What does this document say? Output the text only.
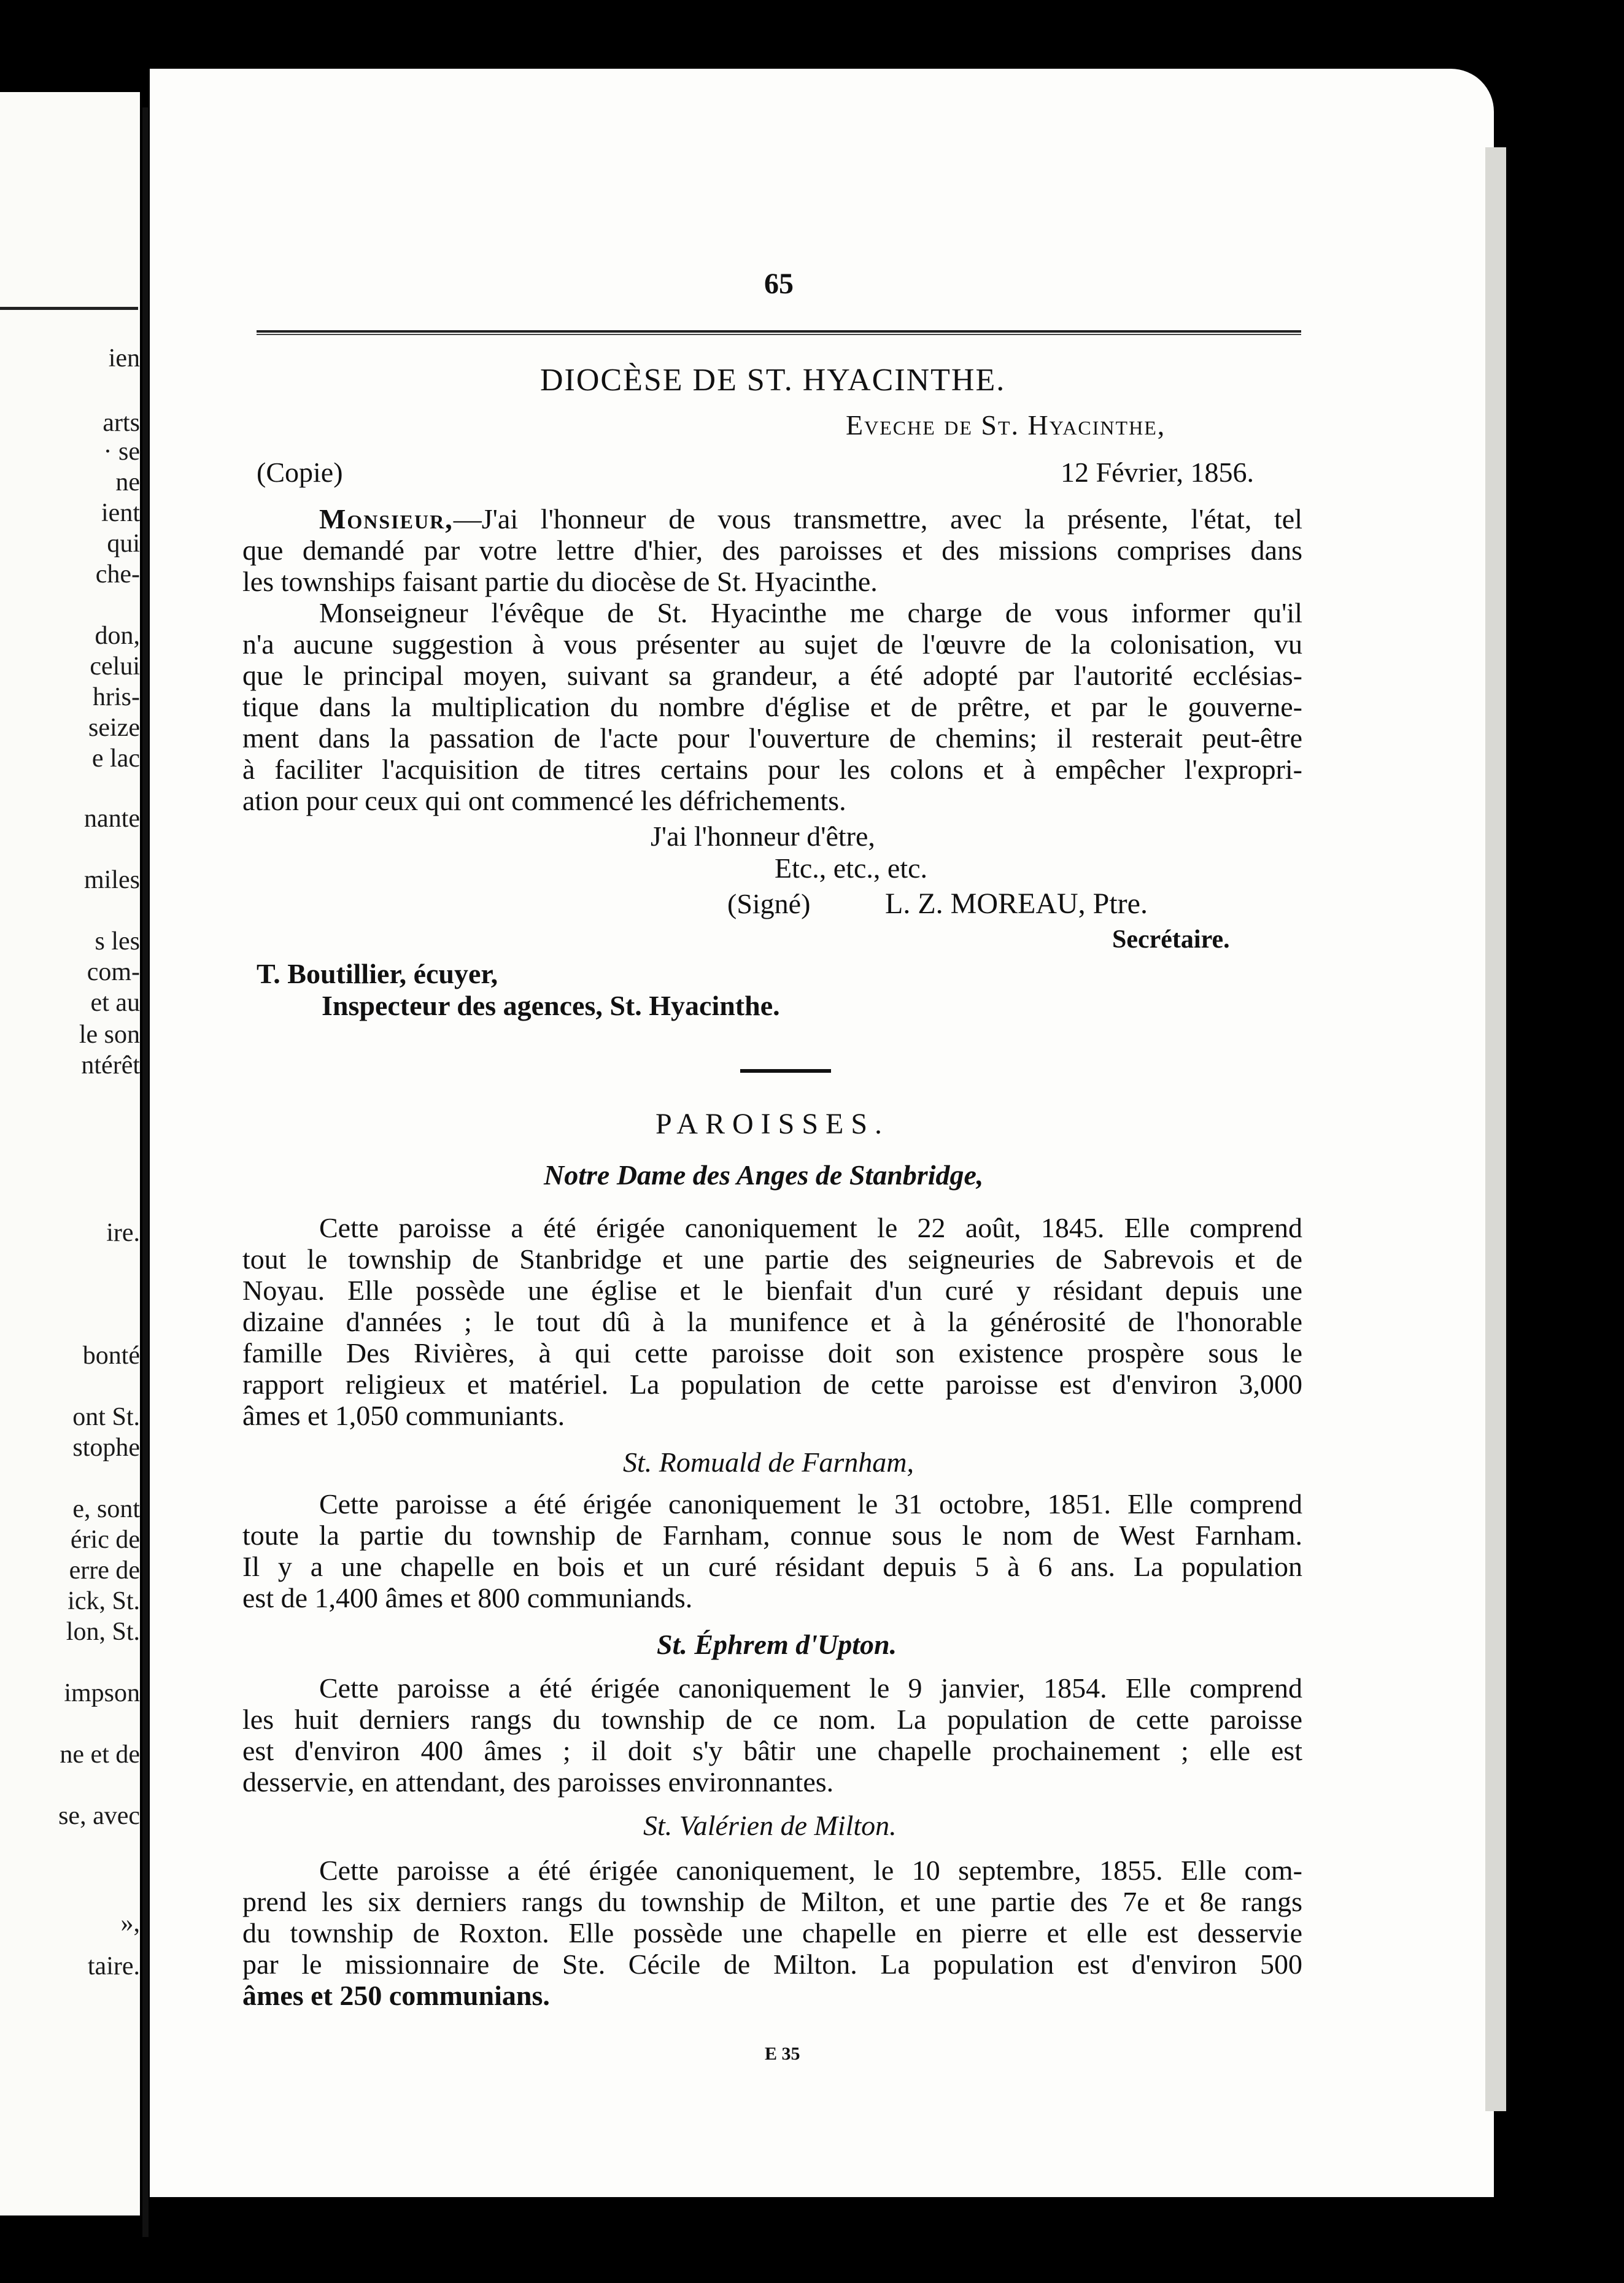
ien
arts
· se
ne
ient
qui
che-
don,
celui
hris-
seize
e lac
nante
miles
s les
com-
et au
le son
ntérêt
ire.
bonté
ont St.
stophe
e, sont
éric de
erre de
ick, St.
lon, St.
impson
ne et de
se, avec
»,
taire.
65
DIOCÈSE DE ST. HYACINTHE.
Eveche de St. Hyacinthe,
(Copie)	12 Février, 1856.
Monsieur,—J'ai l'honneur de vous transmettre, avec la présente, l'état, tel
que demandé par votre lettre d'hier, des paroisses et des missions comprises dans
les townships faisant partie du diocèse de St. Hyacinthe.
Monseigneur l'évêque de St. Hyacinthe me charge de vous informer qu'il
n'a aucune suggestion à vous présenter au sujet de l'œuvre de la colonisation, vu
que le principal moyen, suivant sa grandeur, a été adopté par l'autorité ecclésias-
tique dans la multiplication du nombre d'église et de prêtre, et par le gouverne-
ment dans la passation de l'acte pour l'ouverture de chemins; il resterait peut-être
à faciliter l'acquisition de titres certains pour les colons et à empêcher l'expropri-
ation pour ceux qui ont commencé les défrichements.
J'ai l'honneur d'être,
Etc., etc., etc.
(Signé)	L. Z. MOREAU, Ptre.
Secrétaire.
T. Boutillier, écuyer,
Inspecteur des agences, St. Hyacinthe.
PAROISSES.
Notre Dame des Anges de Stanbridge,
Cette paroisse a été érigée canoniquement le 22 août, 1845. Elle comprend
tout le township de Stanbridge et une partie des seigneuries de Sabrevois et de
Noyau. Elle possède une église et le bienfait d'un curé y résidant depuis une
dizaine d'années ; le tout dû à la munifence et à la générosité de l'honorable
famille Des Rivières, à qui cette paroisse doit son existence prospère sous le
rapport religieux et matériel. La population de cette paroisse est d'environ 3,000
âmes et 1,050 communiants.
St. Romuald de Farnham,
Cette paroisse a été érigée canoniquement le 31 octobre, 1851. Elle comprend
toute la partie du township de Farnham, connue sous le nom de West Farnham.
Il y a une chapelle en bois et un curé résidant depuis 5 à 6 ans. La population
est de 1,400 âmes et 800 communiands.
St. Éphrem d'Upton.
Cette paroisse a été érigée canoniquement le 9 janvier, 1854. Elle comprend
les huit derniers rangs du township de ce nom. La population de cette paroisse
est d'environ 400 âmes ; il doit s'y bâtir une chapelle prochainement ; elle est
desservie, en attendant, des paroisses environnantes.
St. Valérien de Milton.
Cette paroisse a été érigée canoniquement, le 10 septembre, 1855. Elle com-
prend les six derniers rangs du township de Milton, et une partie des 7e et 8e rangs
du township de Roxton. Elle possède une chapelle en pierre et elle est desservie
par le missionnaire de Ste. Cécile de Milton. La population est d'environ 500
âmes et 250 communians.
E 35
